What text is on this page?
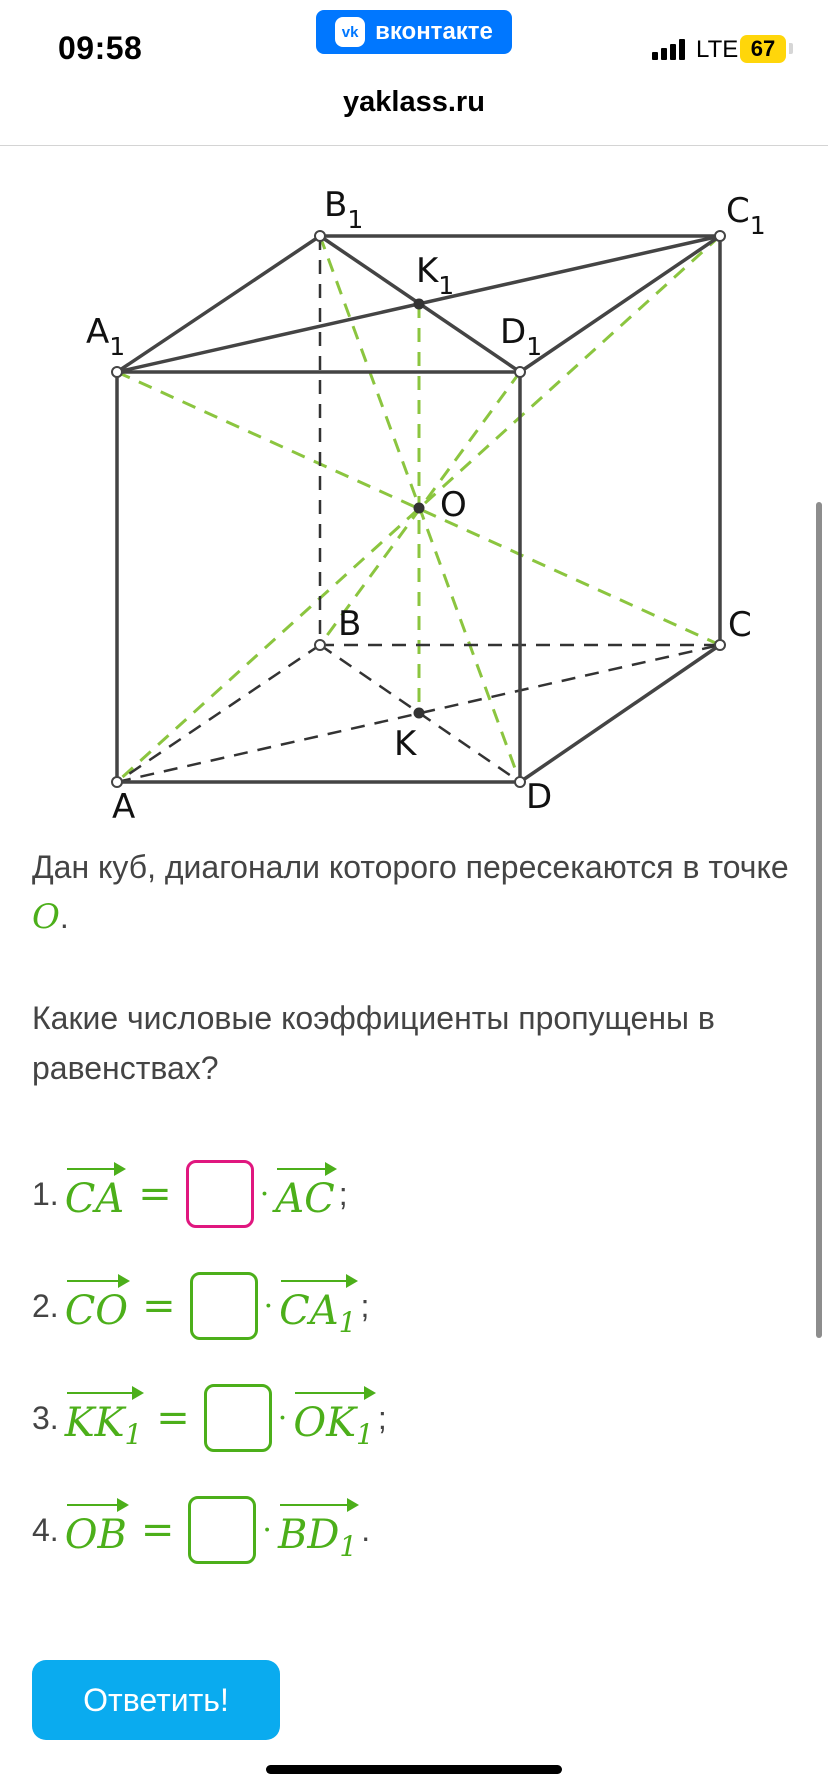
09:58	vk вконтакте
LTE 67
yaklass.ru
$B_1$	$C_1$
$K_1$
$A_1$	$D_1$
O
B	C
K
A	D
Дан куб, диагонали которого пересекаются в точке
O.
Какие числовые коэффициенты пропущены в равенствах?
1. CA =	· AC ;
2. CO =	· $CA_1$ ;
3. $KK_1$ =	· $OK_1$ ;
4. OB =	· $BD_1$ .
Ответить!
